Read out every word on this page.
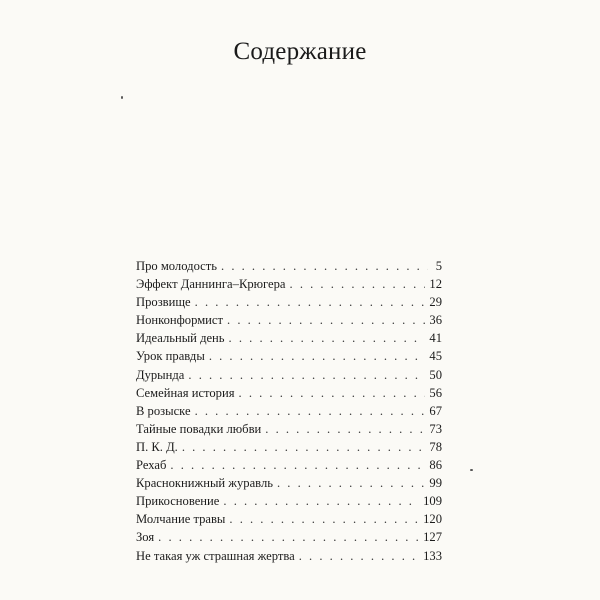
Содержание
Про молодость . . .	5
Эффект Даннинга–Крюгера . . .	12
Прозвище . . .	29
Нонконформист . . .	36
Идеальный день . . .	41
Урок правды . . .	45
Дурында . . .	50
Семейная история . . .	56
В розыске . . .	67
Тайные повадки любви . . .	73
П. К. Д. . . .	78
Рехаб . . .	86
Краснокнижный журавль . . .	99
Прикосновение . . .	109
Молчание травы . . .	120
Зоя . . .	127
Не такая уж страшная жертва . . .	133
